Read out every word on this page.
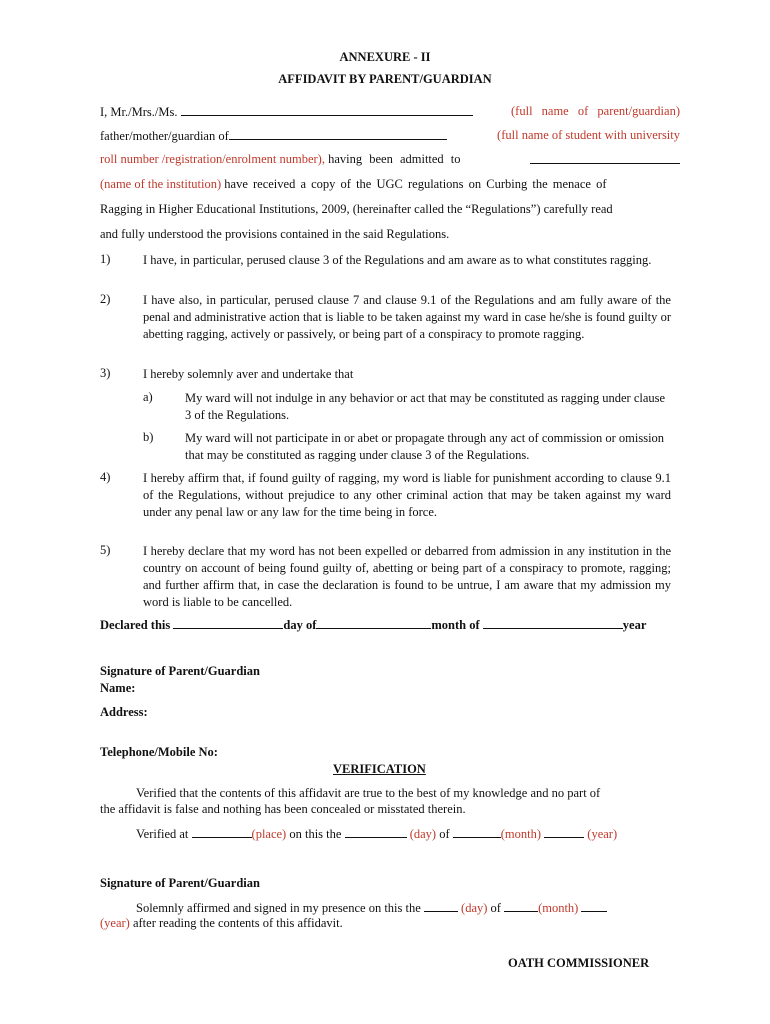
ANNEXURE - II
AFFIDAVIT BY PARENT/GUARDIAN
I, Mr./Mrs./Ms.	(full name of parent/guardian)
father/mother/guardian of	(full name of student with university
roll number /registration/enrolment number), having been admitted to
(name of the institution) have received a copy of the UGC regulations on Curbing the menace of
Ragging in Higher Educational Institutions, 2009, (hereinafter called the “Regulations”) carefully read
and fully understood the provisions contained in the said Regulations.
1)	I have, in particular, perused clause 3 of the Regulations and am aware as to what constitutes ragging.
2)	I have also, in particular, perused clause 7 and clause 9.1 of the Regulations and am fully aware of the penal and administrative action that is liable to be taken against my ward in case he/she is found guilty or abetting ragging, actively or passively, or being part of a conspiracy to promote ragging.
3)	I hereby solemnly aver and undertake that
a)	My ward will not indulge in any behavior or act that may be constituted as ragging under clause 3 of the Regulations.
b)	My ward will not participate in or abet or propagate through any act of commission or omission that may be constituted as ragging under clause 3 of the Regulations.
4)	I hereby affirm that, if found guilty of ragging, my word is liable for punishment according to clause 9.1 of the Regulations, without prejudice to any other criminal action that may be taken against my ward under any penal law or any law for the time being in force.
5)	I hereby declare that my word has not been expelled or debarred from admission in any institution in the country on account of being found guilty of, abetting or being part of a conspiracy to promote, ragging; and further affirm that, in case the declaration is found to be untrue, I am aware that my admission my word is liable to be cancelled.
Declared this	day of	month of	year
Signature of Parent/Guardian
Name:
Address:
Telephone/Mobile No:
VERIFICATION
Verified that the contents of this affidavit are true to the best of my knowledge and no part of
the affidavit is false and nothing has been concealed or misstated therein.
Verified at	(place) on this the	(day) of	(month)	(year)
Signature of Parent/Guardian
Solemnly affirmed and signed in my presence on this the	(day) of	(month)
(year) after reading the contents of this affidavit.
OATH COMMISSIONER
